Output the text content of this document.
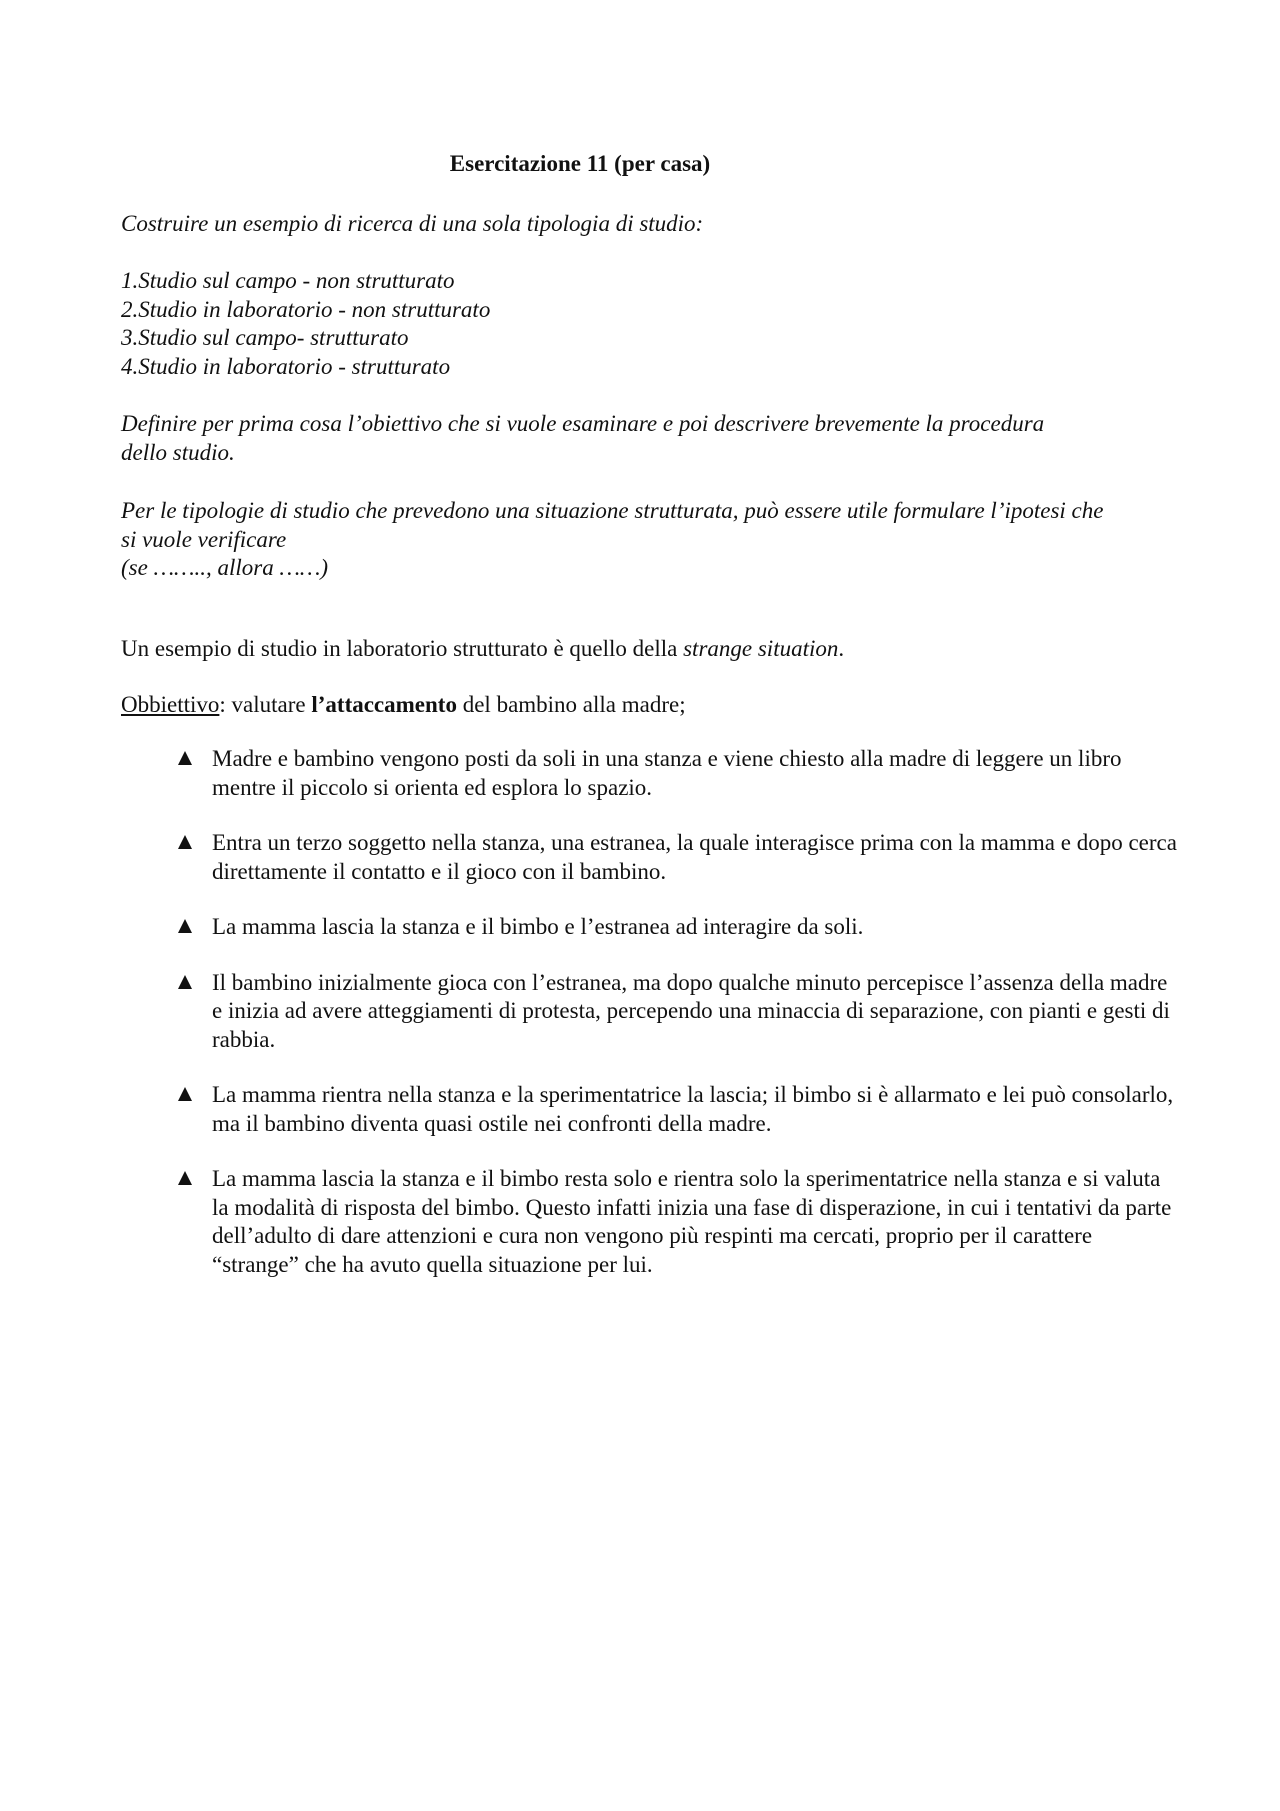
Esercitazione 11 (per casa)

Costruire un esempio di ricerca di una sola tipologia di studio:

1.Studio sul campo - non strutturato
2.Studio in laboratorio - non strutturato
3.Studio sul campo- strutturato
4.Studio in laboratorio - strutturato

Definire per prima cosa l’obiettivo che si vuole esaminare e poi descrivere brevemente la procedura dello studio.

Per le tipologie di studio che prevedono una situazione strutturata, può essere utile formulare l’ipotesi che si vuole verificare
(se …….., allora ……)

Un esempio di studio in laboratorio strutturato è quello della strange situation.

Obbiettivo: valutare l’attaccamento del bambino alla madre;

Madre e bambino vengono posti da soli in una stanza e viene chiesto alla madre di leggere un libro mentre il piccolo si orienta ed esplora lo spazio.
Entra un terzo soggetto nella stanza, una estranea, la quale interagisce prima con la mamma e dopo cerca direttamente il contatto e il gioco con il bambino.
La mamma lascia la stanza e il bimbo e l’estranea ad interagire da soli.
Il bambino inizialmente gioca con l’estranea, ma dopo qualche minuto percepisce l’assenza della madre e inizia ad avere atteggiamenti di protesta, percependo una minaccia di separazione, con pianti e gesti di rabbia.
La mamma rientra nella stanza e la sperimentatrice la lascia; il bimbo si è allarmato e lei può consolarlo, ma il bambino diventa quasi ostile nei confronti della madre.
La mamma lascia la stanza e il bimbo resta solo e rientra solo la sperimentatrice nella stanza e si valuta la modalità di risposta del bimbo. Questo infatti inizia una fase di disperazione, in cui i tentativi da parte dell’adulto di dare attenzioni e cura non vengono più respinti ma cercati, proprio per il carattere “strange” che ha avuto quella situazione per lui.
